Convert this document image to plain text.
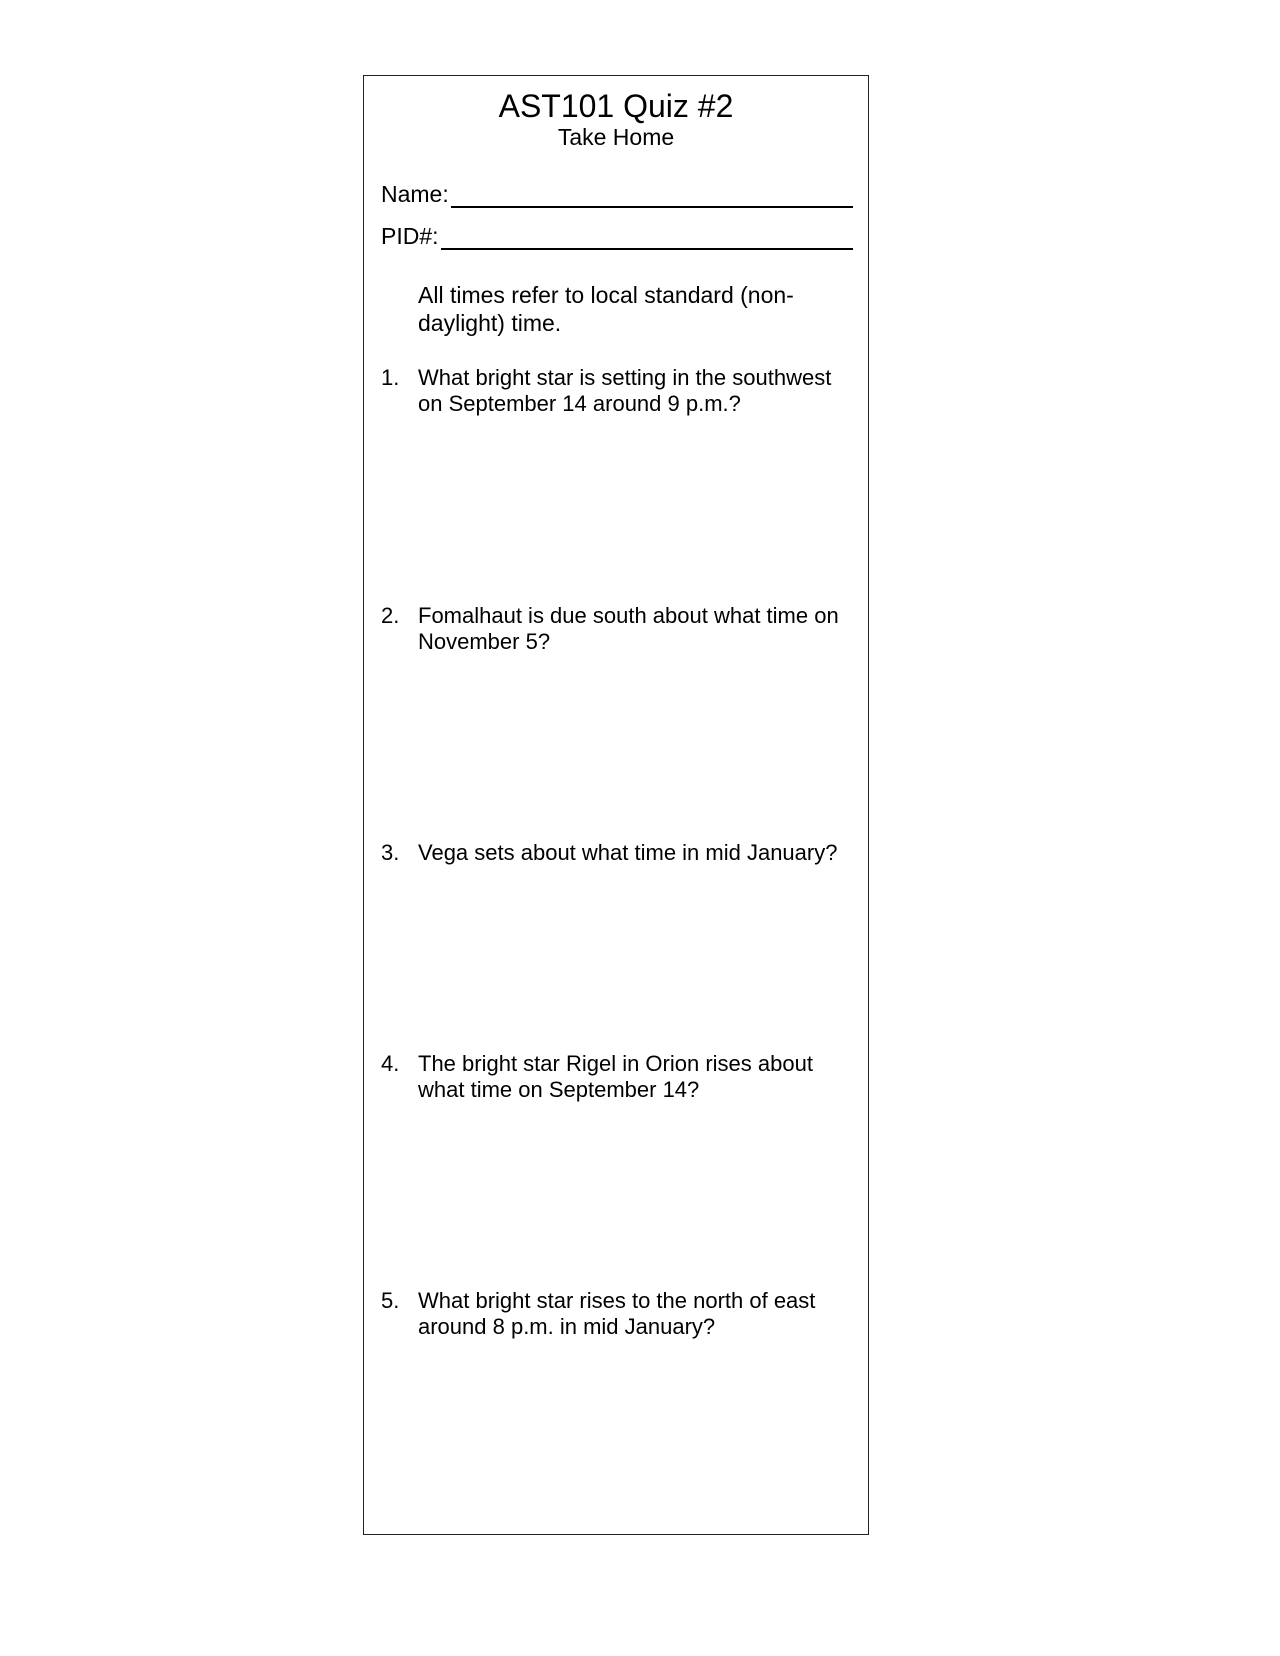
AST101 Quiz #2
Take Home
Name:
PID#:
All times refer to local standard (non-daylight) time.
1. What bright star is setting in the southwest on September 14 around 9 p.m.?
2. Fomalhaut is due south about what time on November 5?
3. Vega sets about what time in mid January?
4. The bright star Rigel in Orion rises about what time on September 14?
5. What bright star rises to the north of east around 8 p.m. in mid January?
